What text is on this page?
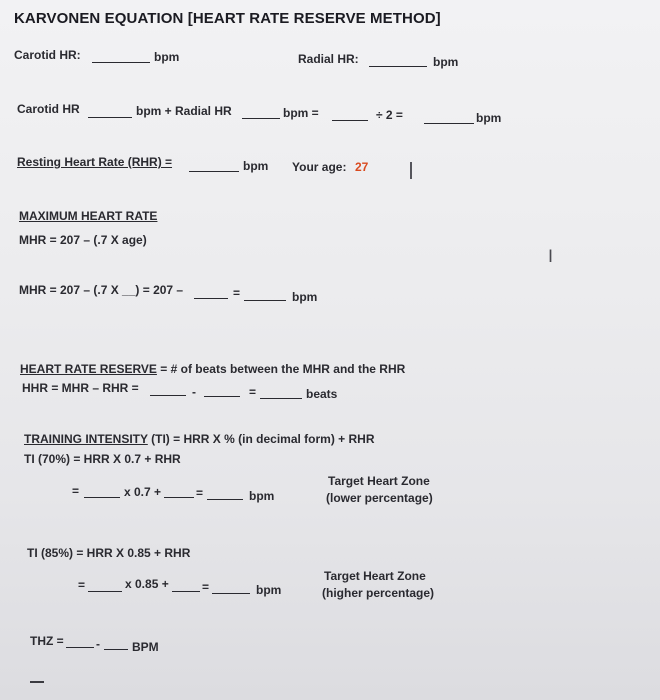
KARVONEN EQUATION [HEART RATE RESERVE METHOD]
Carotid HR:	bpm	Radial HR:	bpm
Carotid HR	bpm + Radial HR	bpm =	÷ 2 =	bpm
Resting Heart Rate (RHR) =	bpm Your age: 27
MAXIMUM HEART RATE
MHR = 207 – (.7 X age)
MHR = 207 – (.7 X __) = 207 –	=	bpm
I
HEART RATE RESERVE = # of beats between the MHR and the RHR
HHR = MHR – RHR =	-	=	beats
TRAINING INTENSITY (TI) = HRR X % (in decimal form) + RHR
TI (70%) = HRR X 0.7 + RHR
=	x 0.7 +	=	bpm
Target Heart Zone
(lower percentage)
TI (85%) = HRR X 0.85 + RHR
=	x 0.85 +	=	bpm
Target Heart Zone
(higher percentage)
THZ =	-	BPM
